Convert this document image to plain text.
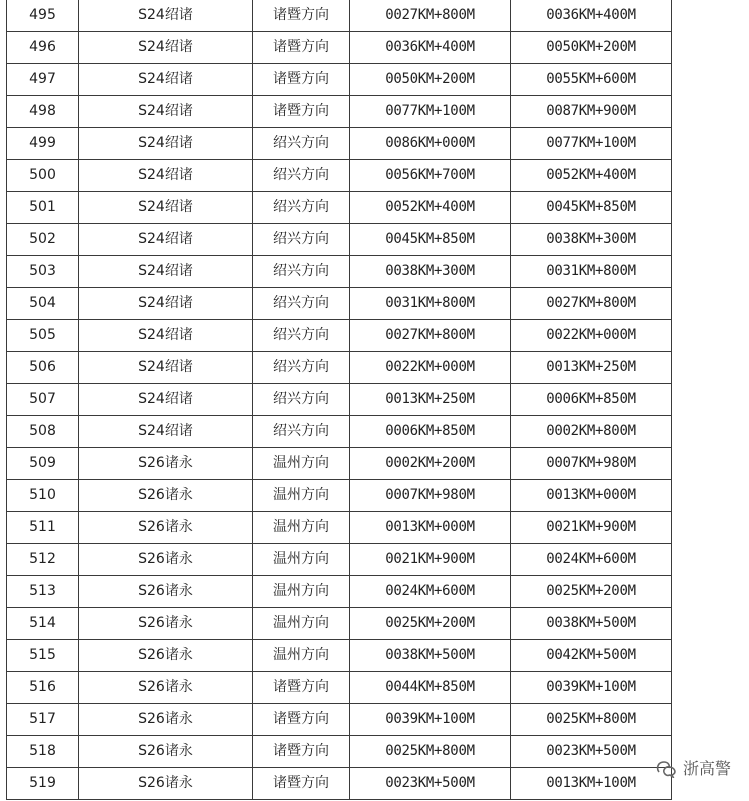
495	S24绍诸	诸暨方向	0027KM+800M	0036KM+400M
496	S24绍诸	诸暨方向	0036KM+400M	0050KM+200M
497	S24绍诸	诸暨方向	0050KM+200M	0055KM+600M
498	S24绍诸	诸暨方向	0077KM+100M	0087KM+900M
499	S24绍诸	绍兴方向	0086KM+000M	0077KM+100M
500	S24绍诸	绍兴方向	0056KM+700M	0052KM+400M
501	S24绍诸	绍兴方向	0052KM+400M	0045KM+850M
502	S24绍诸	绍兴方向	0045KM+850M	0038KM+300M
503	S24绍诸	绍兴方向	0038KM+300M	0031KM+800M
504	S24绍诸	绍兴方向	0031KM+800M	0027KM+800M
505	S24绍诸	绍兴方向	0027KM+800M	0022KM+000M
506	S24绍诸	绍兴方向	0022KM+000M	0013KM+250M
507	S24绍诸	绍兴方向	0013KM+250M	0006KM+850M
508	S24绍诸	绍兴方向	0006KM+850M	0002KM+800M
509	S26诸永	温州方向	0002KM+200M	0007KM+980M
510	S26诸永	温州方向	0007KM+980M	0013KM+000M
511	S26诸永	温州方向	0013KM+000M	0021KM+900M
512	S26诸永	温州方向	0021KM+900M	0024KM+600M
513	S26诸永	温州方向	0024KM+600M	0025KM+200M
514	S26诸永	温州方向	0025KM+200M	0038KM+500M
515	S26诸永	温州方向	0038KM+500M	0042KM+500M
516	S26诸永	诸暨方向	0044KM+850M	0039KM+100M
517	S26诸永	诸暨方向	0039KM+100M	0025KM+800M
518	S26诸永	诸暨方向	0025KM+800M	0023KM+500M
519	S26诸永	诸暨方向	0023KM+500M	0013KM+100M
浙高警
